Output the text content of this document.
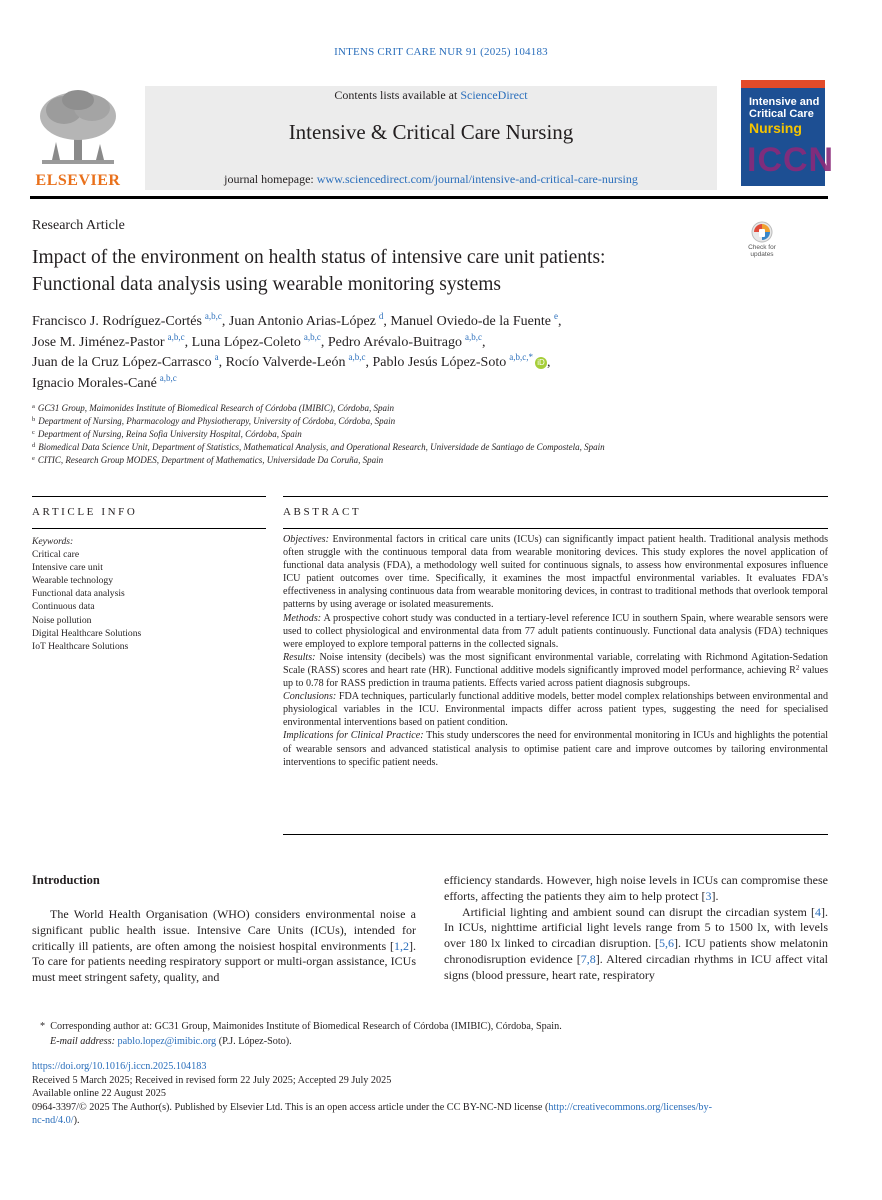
INTENS CRIT CARE NUR 91 (2025) 104183
ELSEVIER
Contents lists available at ScienceDirect
Intensive & Critical Care Nursing
journal homepage: www.sciencedirect.com/journal/intensive-and-critical-care-nursing
Intensive and
Critical Care
Nursing
ICCN
Research Article
Check for
updates
Impact of the environment on health status of intensive care unit patients:
Functional data analysis using wearable monitoring systems
Francisco J. Rodríguez-Cortés $^{a,b,c}$, Juan Antonio Arias-López $^d$, Manuel Oviedo-de la Fuente $^e$,
Jose M. Jiménez-Pastor $^{a,b,c}$, Luna López-Coleto $^{a,b,c}$, Pedro Arévalo-Buitrago $^{a,b,c}$,
Juan de la Cruz López-Carrasco $^a$, Rocío Valverde-León $^{a,b,c}$, Pablo Jesús López-Soto $^{a,b,c,*}$iD ,
Ignacio Morales-Cané $^{a,b,c}$
$^a$ GC31 Group, Maimonides Institute of Biomedical Research of Córdoba (IMIBIC), Córdoba, Spain
$^b$ Department of Nursing, Pharmacology and Physiotherapy, University of Córdoba, Córdoba, Spain
$^c$ Department of Nursing, Reina Sofia University Hospital, Córdoba, Spain
$^d$ Biomedical Data Science Unit, Department of Statistics, Mathematical Analysis, and Operational Research, Universidade de Santiago de Compostela, Spain
$^e$ CITIC, Research Group MODES, Department of Mathematics, Universidade Da Coruña, Spain
ARTICLE INFO	ABSTRACT
Keywords:
Critical care
Intensive care unit
Wearable technology
Functional data analysis
Continuous data
Noise pollution
Digital Healthcare Solutions
IoT Healthcare Solutions

Objectives: Environmental factors in critical care units (ICUs) can significantly impact patient health. Traditional analysis methods often struggle with the continuous temporal data from wearable monitoring devices. This study explores the novel application of functional data analysis (FDA), a methodology well suited for continuous signals, to assess how environmental exposures influence ICU patient outcomes over time. Specifically, it examines the most impactful environmental variables. It evaluates FDA's effectiveness in analysing continuous data from wearable monitoring devices, in contrast to traditional methods that overlook temporal patterns by using average or isolated measurements.

Methods: A prospective cohort study was conducted in a tertiary-level reference ICU in southern Spain, where wearable sensors were used to collect physiological and environmental data from 77 adult patients continuously. Functional data analysis (FDA) techniques were employed to explore temporal patterns in the collected signals.

Results: Noise intensity (decibels) was the most significant environmental variable, correlating with Richmond Agitation-Sedation Scale (RASS) scores and heart rate (HR). Functional additive models significantly improved model performance, achieving $R^2$ values up to 0.78 for RASS prediction in trauma patients. Effects varied across patient diagnosis subgroups.

Conclusions: FDA techniques, particularly functional additive models, better model complex relationships between environmental and physiological variables in the ICU. Environmental impacts differ across patient types, suggesting the need for specialised environmental interventions based on patient condition.

Implications for Clinical Practice: This study underscores the need for environmental monitoring in ICUs and highlights the potential of wearable sensors and advanced statistical analysis to optimise patient care and improve outcomes by tailoring environmental interventions to specific patient needs.

Introduction

The World Health Organisation (WHO) considers environmental noise a significant public health issue. Intensive Care Units (ICUs), intended for critically ill patients, are often among the noisiest hospital environments [1,2]. To care for patients needing respiratory support or multi-organ assistance, ICUs must meet stringent safety, quality, and

efficiency standards. However, high noise levels in ICUs can compromise these efforts, affecting the patients they aim to help protect [3].

Artificial lighting and ambient sound can disrupt the circadian system [4]. In ICUs, nighttime artificial light levels range from 5 to 1500 lx, with levels over 180 lx linked to circadian disruption. [5,6]. ICU patients show melatonin chronodisruption evidence [7,8]. Altered circadian rhythms in ICU affect vital signs (blood pressure, heart rate, respiratory

* Corresponding author at: GC31 Group, Maimonides Institute of Biomedical Research of Córdoba (IMIBIC), Córdoba, Spain.
E-mail address: pablo.lopez@imibic.org (P.J. López-Soto).
https://doi.org/10.1016/j.iccn.2025.104183
Received 5 March 2025; Received in revised form 22 July 2025; Accepted 29 July 2025
Available online 22 August 2025
0964-3397/© 2025 The Author(s). Published by Elsevier Ltd. This is an open access article under the CC BY-NC-ND license (http://creativecommons.org/licenses/by-
nc-nd/4.0/).
